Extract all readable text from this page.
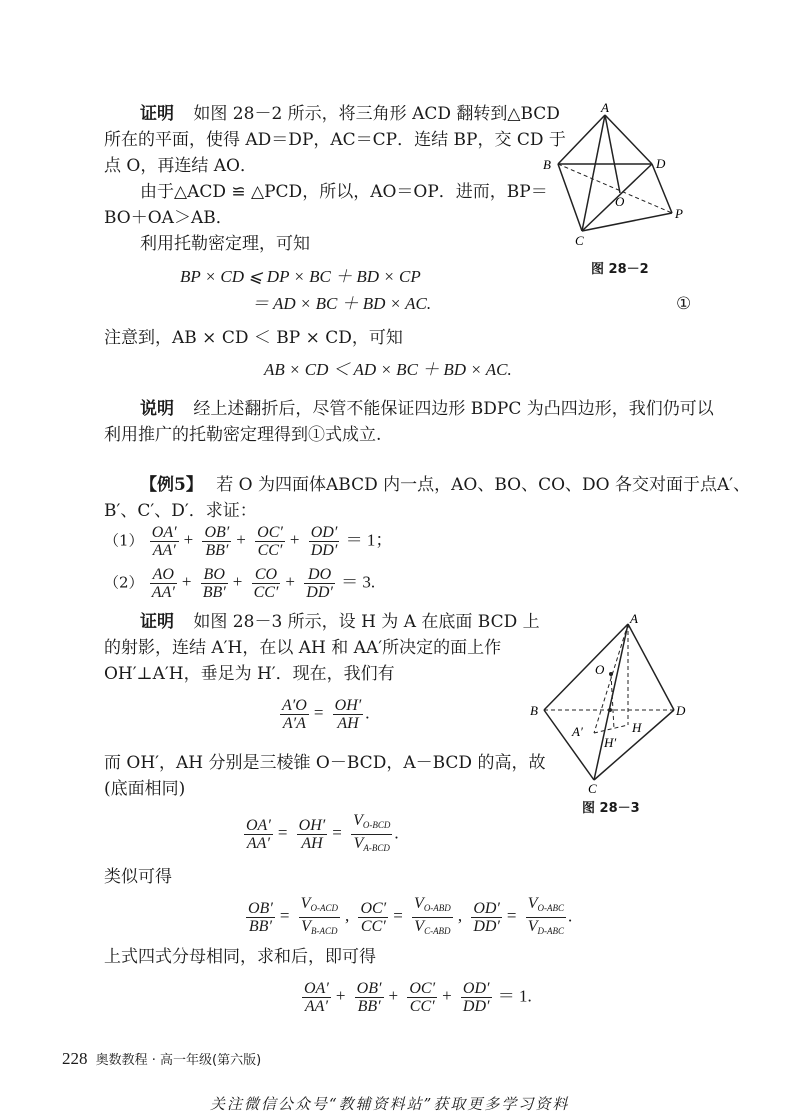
证明 如图 28－2 所示，将三角形 ACD 翻转到△BCD
所在的平面，使得 AD＝DP，AC＝CP．连结 BP，交 CD 于
点 O，再连结 AO．
由于△ACD ≌ △PCD，所以，AO＝OP．进而，BP＝
BO＋OA＞AB．
利用托勒密定理，可知
BP × CD ⩽ DP × BC ＋ BD × CP
＝ AD × BC ＋ BD × AC.	①
注意到，AB × CD ＜ BP × CD，可知
AB × CD ＜ AD × BC ＋ BD × AC.
说明 经上述翻折后，尽管不能保证四边形 BDPC 为凸四边形，我们仍可以
利用推广的托勒密定理得到①式成立.
A
B	D
O
P
C
图 28－2
【例5】 若 O 为四面体ABCD 内一点，AO、BO、CO、DO 各交对面于点A′、
B′、C′、D′．求证：
$(1) \frac{OA'}{AA'} + \frac{OB'}{BB'} + \frac{OC'}{CC'} + \frac{OD'}{DD'} = 1$；
$(2) \frac{AO}{AA'} + \frac{BO}{BB'} + \frac{CO}{CC'} + \frac{DO}{DD'} = 3$.
证明 如图 28－3 所示，设 H 为 A 在底面 BCD 上
的射影，连结 A′H，在以 AH 和 AA′所决定的面上作
OH′⊥A′H，垂足为 H′．现在，我们有
$\frac{A'O}{A'A} = \frac{OH'}{AH}$ .
而 OH′，AH 分别是三棱锥 O－BCD，A－BCD 的高，故
(底面相同)
$\frac{OA'}{AA'} = \frac{OH'}{AH} = \frac{V_{O-BCD}}{V_{A-BCD}}$ .
类似可得
$\frac{OB'}{BB'} = \frac{V_{O-ACD}}{V_{B-ACD}}$ , $\frac{OC'}{CC'} = \frac{V_{O-ABD}}{V_{C-ABD}}$ , $\frac{OD'}{DD'} = \frac{V_{O-ABC}}{V_{D-ABC}}$ .
上式四式分母相同，求和后，即可得
$\frac{OA'}{AA'} + \frac{OB'}{BB'} + \frac{OC'}{CC'} + \frac{OD'}{DD'} = 1$.
A
O
B
A′
H′
H
D
C
图 28－3
228 奥数教程 · 高一年级(第六版)
关注微信公众号“教辅资料站”获取更多学习资料
